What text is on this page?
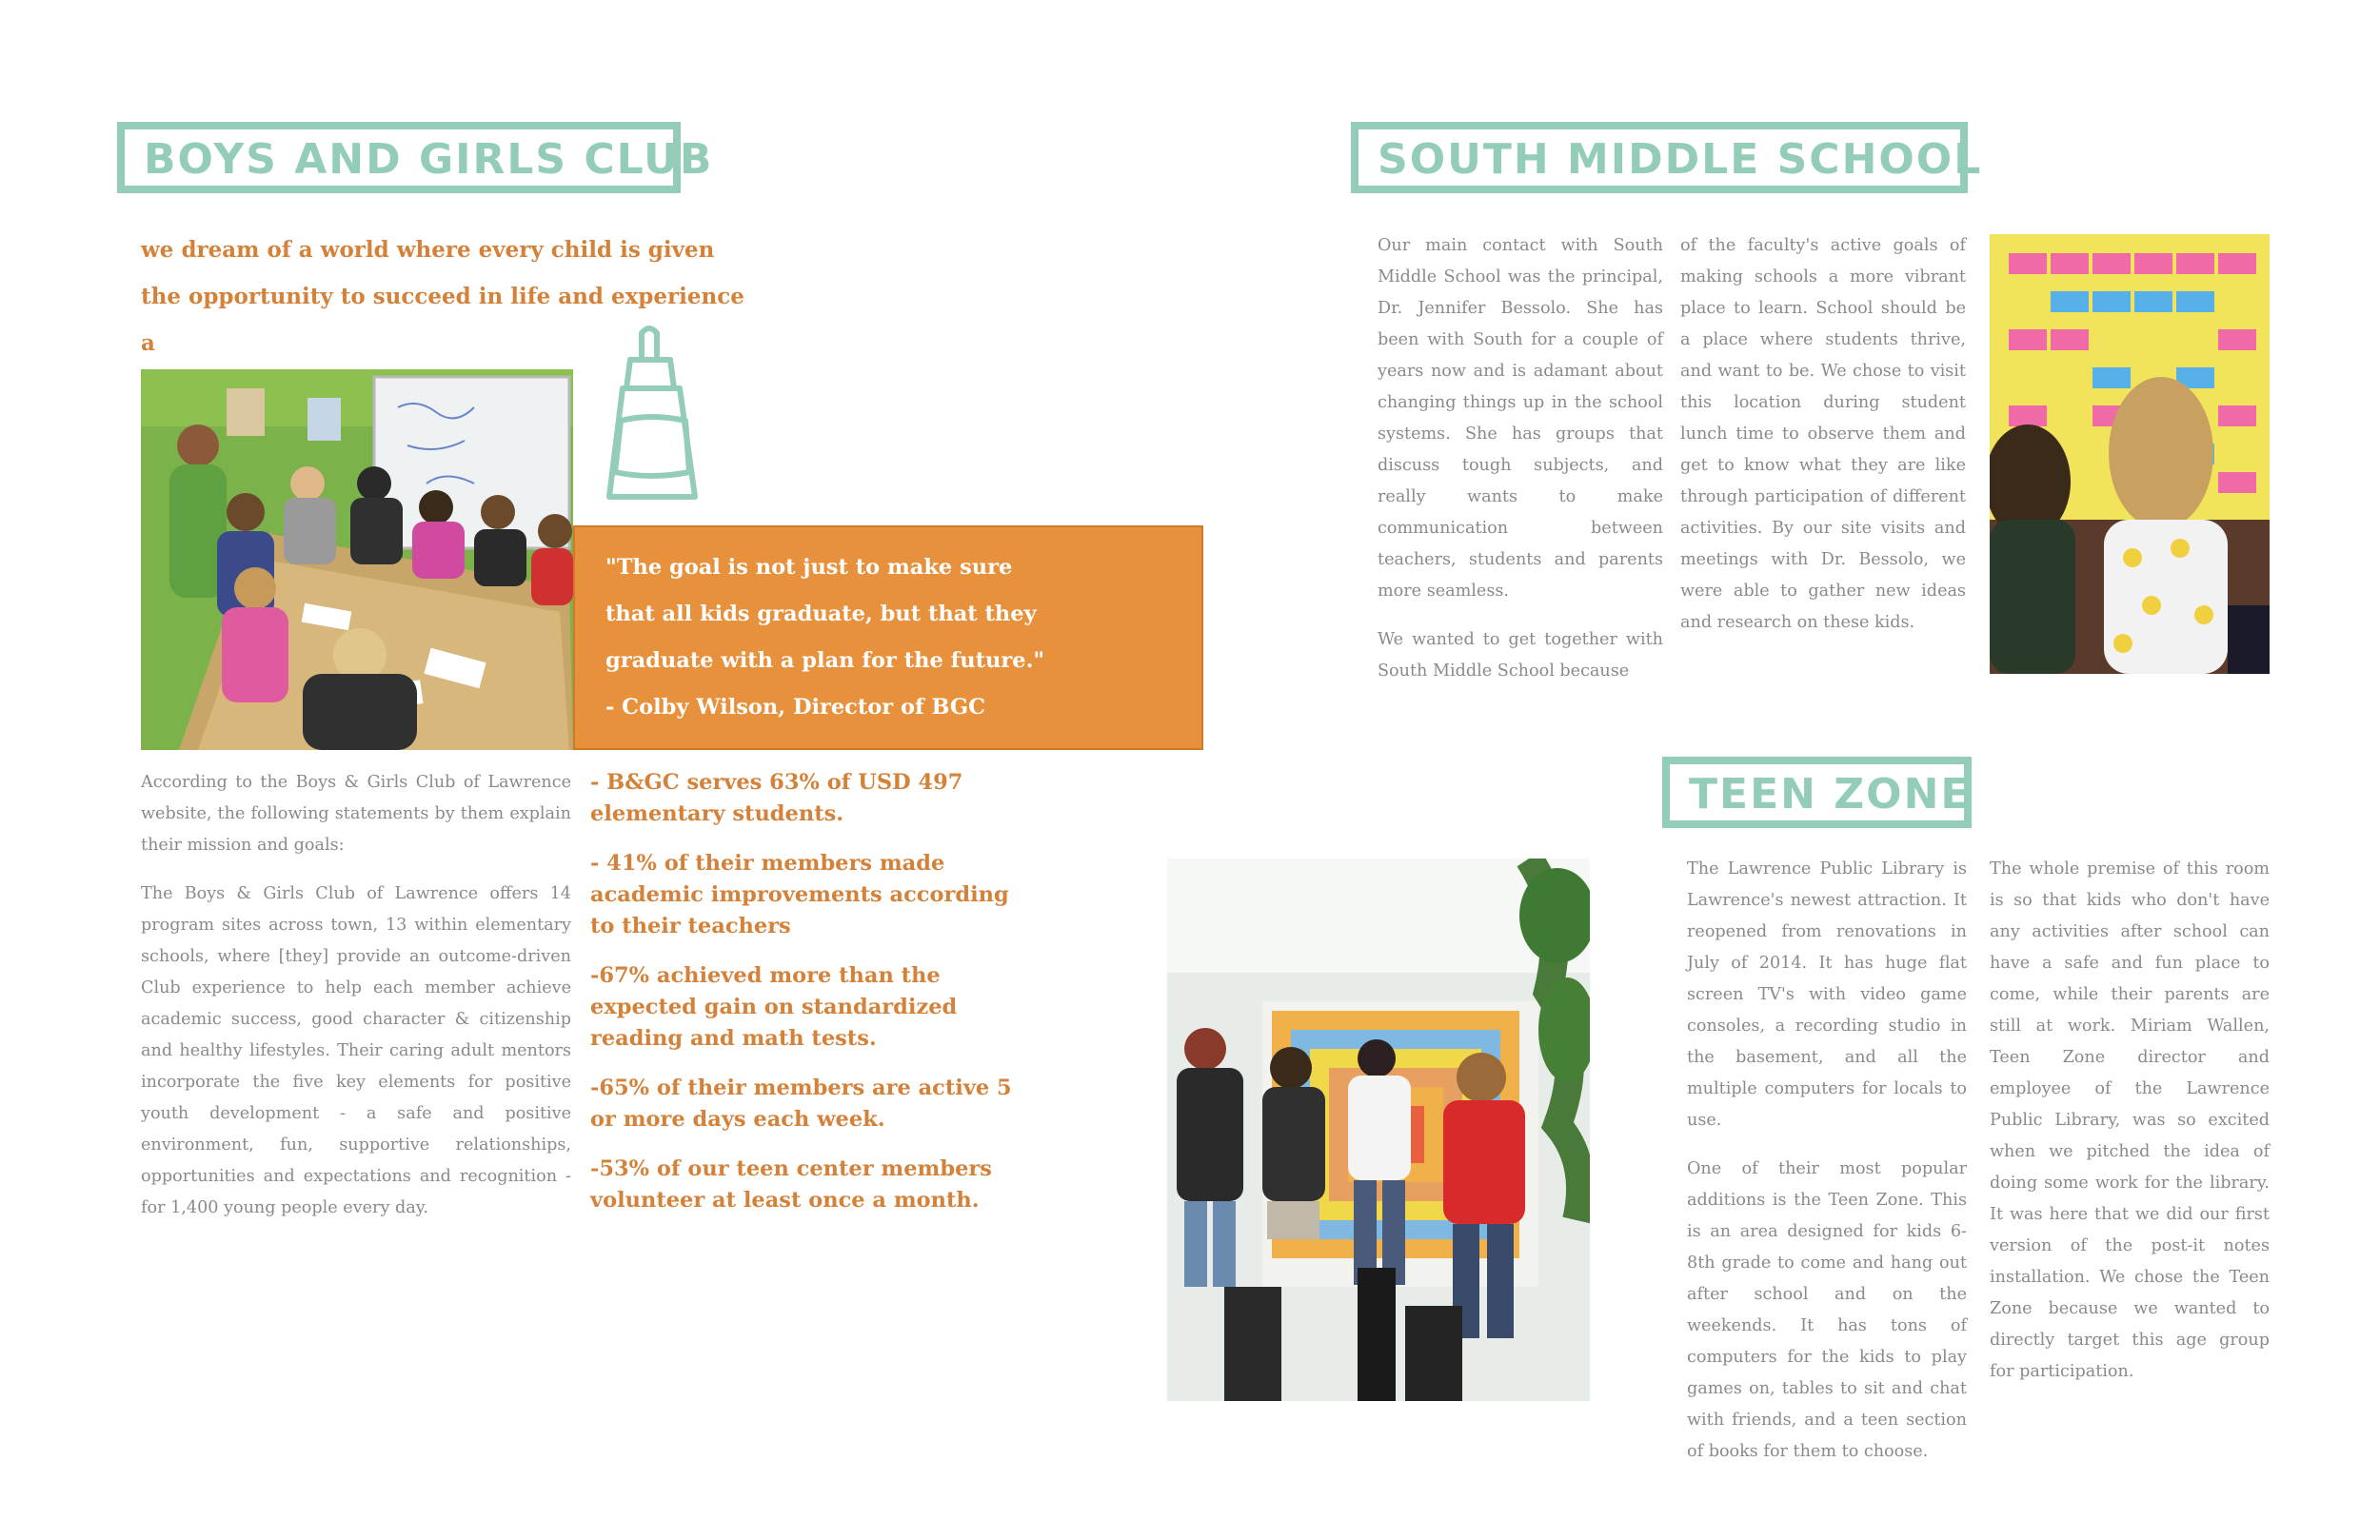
BOYS AND GIRLS CLUB
we dream of a world where every child is given
the opportunity to succeed in life and experience a
"The goal is not just to make sure
that all kids graduate, but that they
graduate with a plan for the future."
- Colby Wilson, Director of BGC

According to the Boys & Girls Club of Lawrence website, the following statements by them explain their mission and goals:

The Boys & Girls Club of Lawrence offers 14 program sites across town, 13 within elementary schools, where [they] provide an outcome-driven Club experience to help each member achieve academic success, good character & citizenship and healthy lifestyles. Their caring adult mentors incorporate the five key elements for positive youth development - a safe and positive environment, fun, supportive relationships, opportunities and expectations and recognition - for 1,400 young people every day.

- B&GC serves 63% of USD 497
elementary students.
- 41% of their members made
academic improvements according
to their teachers
-67% achieved more than the
expected gain on standardized
reading and math tests.
-65% of their members are active 5
or more days each week.
-53% of our teen center members
volunteer at least once a month.
SOUTH MIDDLE SCHOOL

Our main contact with South Middle School was the principal, Dr. Jennifer Bessolo. She has been with South for a couple of years now and is adamant about changing things up in the school systems. She has groups that discuss tough subjects, and really wants to make communication between teachers, students and parents more seamless.

We wanted to get together with South Middle School because

of the faculty's active goals of making schools a more vibrant place to learn. School should be a place where students thrive, and want to be. We chose to visit this location during student lunch time to observe them and get to know what they are like through participation of different activities. By our site visits and meetings with Dr. Bessolo, we were able to gather new ideas and research on these kids.

TEEN ZONE

The Lawrence Public Library is Lawrence's newest attraction. It reopened from renovations in July of 2014. It has huge flat screen TV's with video game consoles, a recording studio in the basement, and all the multiple computers for locals to use.

One of their most popular additions is the Teen Zone. This is an area designed for kids 6-8th grade to come and hang out after school and on the weekends. It has tons of computers for the kids to play games on, tables to sit and chat with friends, and a teen section of books for them to choose.

The whole premise of this room is so that kids who don't have any activities after school can have a safe and fun place to come, while their parents are still at work. Miriam Wallen, Teen Zone director and employee of the Lawrence Public Library, was so excited when we pitched the idea of doing some work for the library. It was here that we did our first version of the post-it notes installation. We chose the Teen Zone because we wanted to directly target this age group for participation.
